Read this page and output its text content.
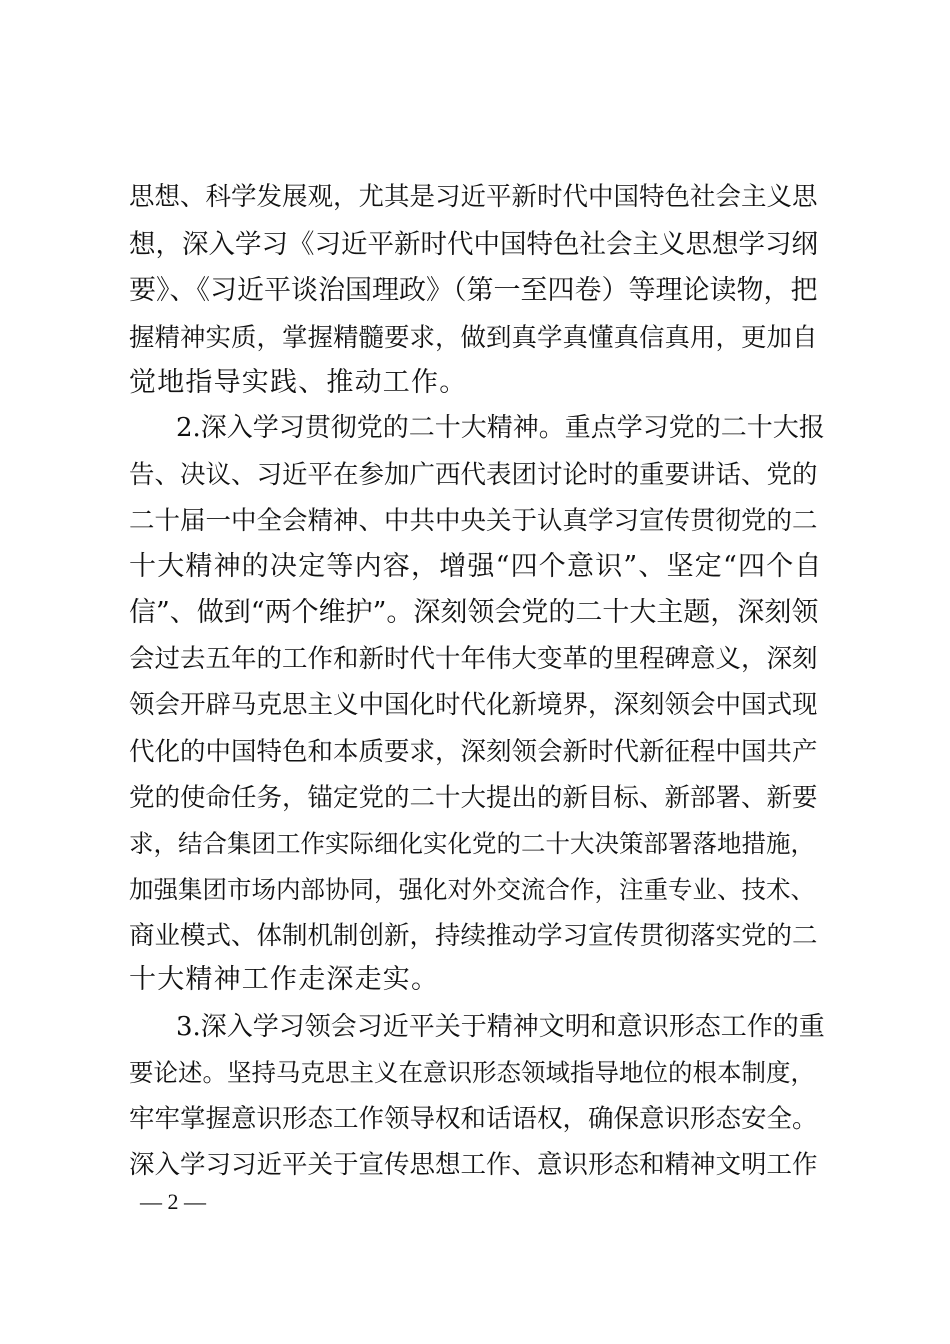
思想、科学发展观，尤其是习近平新时代中国特色社会主义思
想，深入学习《习近平新时代中国特色社会主义思想学习纲
要》、《习近平谈治国理政》（第一至四卷）等理论读物，把
握精神实质，掌握精髓要求，做到真学真懂真信真用，更加自
觉地指导实践、推动工作。
2.深入学习贯彻党的二十大精神。重点学习党的二十大报
告、决议、习近平在参加广西代表团讨论时的重要讲话、党的
二十届一中全会精神、中共中央关于认真学习宣传贯彻党的二
十大精神的决定等内容，增强“四个意识”、坚定“四个自
信”、做到“两个维护”。深刻领会党的二十大主题，深刻领
会过去五年的工作和新时代十年伟大变革的里程碑意义，深刻
领会开辟马克思主义中国化时代化新境界，深刻领会中国式现
代化的中国特色和本质要求，深刻领会新时代新征程中国共产
党的使命任务，锚定党的二十大提出的新目标、新部署、新要
求，结合集团工作实际细化实化党的二十大决策部署落地措施，
加强集团市场内部协同，强化对外交流合作，注重专业、技术、
商业模式、体制机制创新，持续推动学习宣传贯彻落实党的二
十大精神工作走深走实。
3.深入学习领会习近平关于精神文明和意识形态工作的重
要论述。坚持马克思主义在意识形态领域指导地位的根本制度，
牢牢掌握意识形态工作领导权和话语权，确保意识形态安全。
深入学习习近平关于宣传思想工作、意识形态和精神文明工作
— 2 —
